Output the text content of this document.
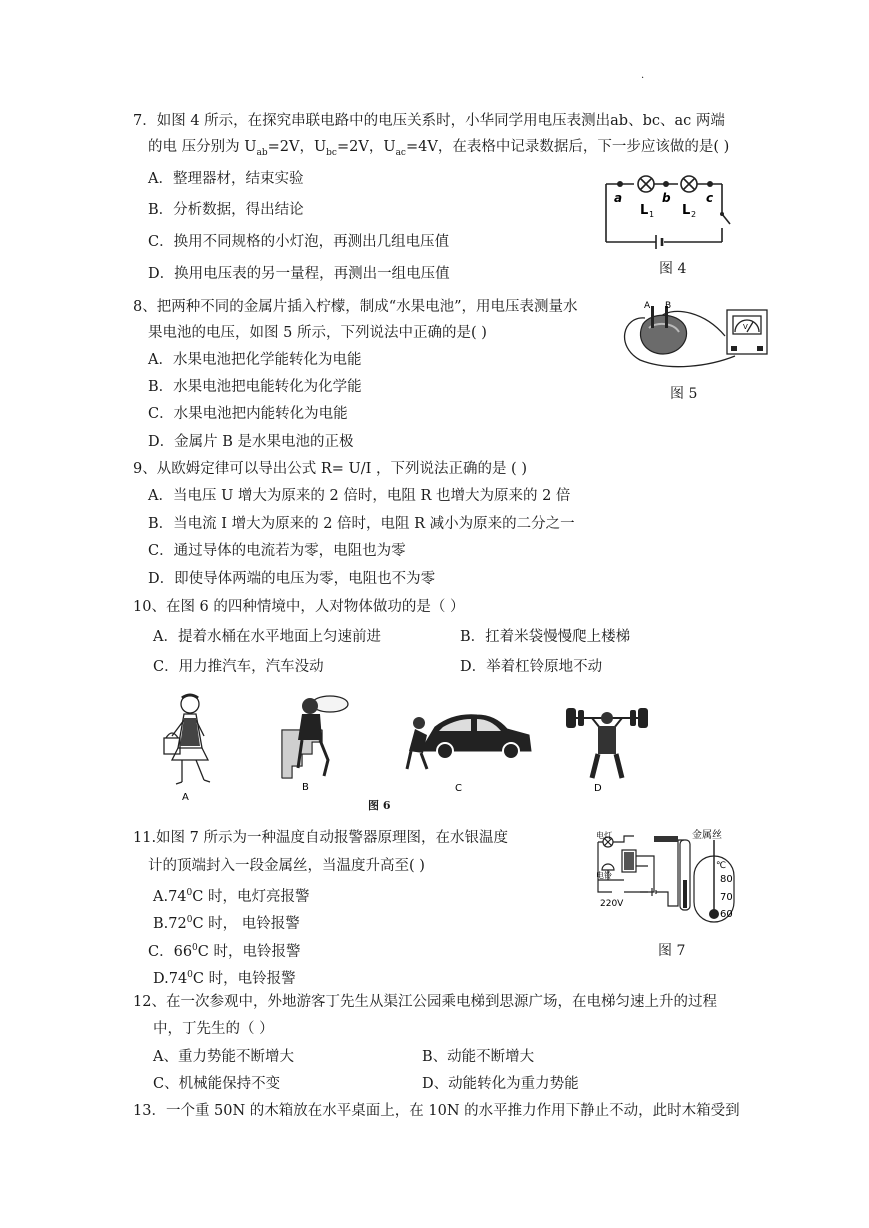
.
7．如图 4 所示，在探究串联电路中的电压关系时，小华同学用电压表测出ab、bc、ac 两端
的电 压分别为 $U_{ab}=2V$，$U_{bc}=2V$，$U_{ac}=4V$，在表格中记录数据后，下一步应该做的是( )
A．整理器材，结束实验
B．分析数据，得出结论
C．换用不同规格的小灯泡，再测出几组电压值
D．换用电压表的另一量程，再测出一组电压值
a	b	c
L 1 L 2
图 4
8、把两种不同的金属片插入柠檬，制成“水果电池”，用电压表测量水
果电池的电压，如图 5 所示，下列说法中正确的是( )
A．水果电池把化学能转化为电能
B．水果电池把电能转化为化学能
C．水果电池把内能转化为电能
D．金属片 B 是水果电池的正极
A B
V
图 5
9、从欧姆定律可以导出公式 R= U/I ，下列说法正确的是 ( )
A．当电压 U 增大为原来的 2 倍时，电阻 R 也增大为原来的 2 倍
B．当电流 I 增大为原来的 2 倍时，电阻 R 减小为原来的二分之一
C．通过导体的电流若为零，电阻也为零
D．即使导体两端的电压为零，电阻也不为零
10、在图 6 的四种情境中，人对物体做功的是（ ）
A．提着水桶在水平地面上匀速前进	B．扛着米袋慢慢爬上楼梯
C．用力推汽车，汽车没动	D．举着杠铃原地不动
A
B	C	D
图 6
11.如图 7 所示为一种温度自动报警器原理图，在水银温度
计的顶端封入一段金属丝，当温度升高至( )
$A.74^0C$ 时，电灯亮报警
$B.72^0C$ 时， 电铃报警
C．$66^0C$ 时，电铃报警
$D.74^0C$ 时，电铃报警
电灯
电铃
220V
金属丝
℃
80
70
60
图 7
12、在一次参观中，外地游客丁先生从渠江公园乘电梯到思源广场，在电梯匀速上升的过程
中，丁先生的（ ）
A、重力势能不断增大	B、动能不断增大
C、机械能保持不变	D、动能转化为重力势能
13．一个重 50N 的木箱放在水平桌面上，在 10N 的水平推力作用下静止不动，此时木箱受到
